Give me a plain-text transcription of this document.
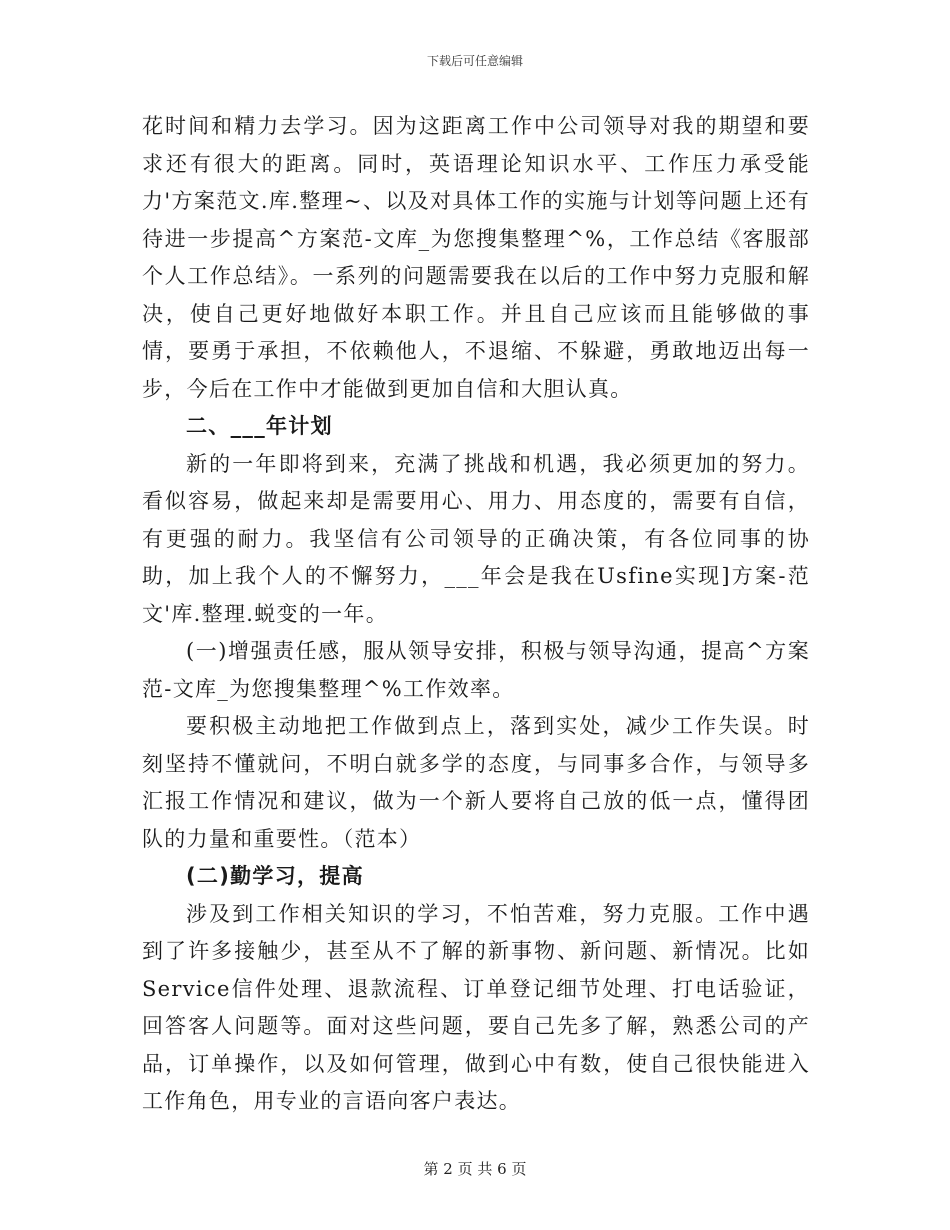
下载后可任意编辑

花时间和精力去学习。因为这距离工作中公司领导对我的期望和要求还有很大的距离。同时，英语理论知识水平、工作压力承受能力'方案范文.库.整理~、以及对具体工作的实施与计划等问题上还有待进一步提高^方案范-文库_为您搜集整理^%，工作总结《客服部个人工作总结》。一系列的问题需要我在以后的工作中努力克服和解决，使自己更好地做好本职工作。并且自己应该而且能够做的事情，要勇于承担，不依赖他人，不退缩、不躲避，勇敢地迈出每一步，今后在工作中才能做到更加自信和大胆认真。

二、___年计划

新的一年即将到来，充满了挑战和机遇，我必须更加的努力。看似容易，做起来却是需要用心、用力、用态度的，需要有自信，有更强的耐力。我坚信有公司领导的正确决策，有各位同事的协助，加上我个人的不懈努力，___年会是我在Usfine实现]方案-范文'库.整理.蜕变的一年。

(一)增强责任感，服从领导安排，积极与领导沟通，提高^方案范-文库_为您搜集整理^%工作效率。

要积极主动地把工作做到点上，落到实处，减少工作失误。时刻坚持不懂就问，不明白就多学的态度，与同事多合作，与领导多汇报工作情况和建议，做为一个新人要将自己放的低一点，懂得团队的力量和重要性。（范本）

(二)勤学习，提高

涉及到工作相关知识的学习，不怕苦难，努力克服。工作中遇到了许多接触少，甚至从不了解的新事物、新问题、新情况。比如Service信件处理、退款流程、订单登记细节处理、打电话验证，回答客人问题等。面对这些问题，要自己先多了解，熟悉公司的产品，订单操作，以及如何管理，做到心中有数，使自己很快能进入工作角色，用专业的言语向客户表达。

第 2 页 共 6 页
